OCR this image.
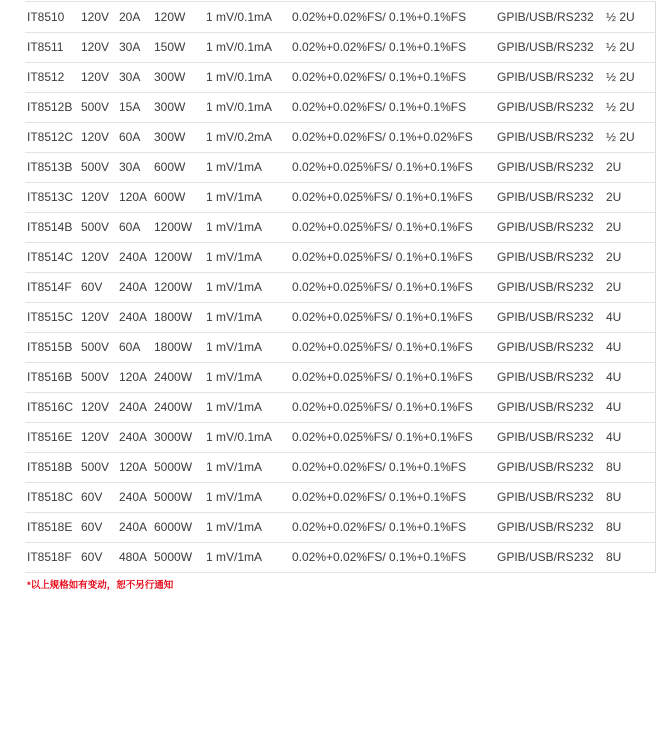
IT8510	120V	20A	120W	1 mV/0.1mA	0.02%+0.02%FS/ 0.1%+0.1%FS	GPIB/USB/RS232	½ 2U
IT8511	120V	30A	150W	1 mV/0.1mA	0.02%+0.02%FS/ 0.1%+0.1%FS	GPIB/USB/RS232	½ 2U
IT8512	120V	30A	300W	1 mV/0.1mA	0.02%+0.02%FS/ 0.1%+0.1%FS	GPIB/USB/RS232	½ 2U
IT8512B	500V	15A	300W	1 mV/0.1mA	0.02%+0.02%FS/ 0.1%+0.1%FS	GPIB/USB/RS232	½ 2U
IT8512C	120V	60A	300W	1 mV/0.2mA	0.02%+0.02%FS/ 0.1%+0.02%FS	GPIB/USB/RS232	½ 2U
IT8513B	500V	30A	600W	1 mV/1mA	0.02%+0.025%FS/ 0.1%+0.1%FS	GPIB/USB/RS232	2U
IT8513C	120V	120A	600W	1 mV/1mA	0.02%+0.025%FS/ 0.1%+0.1%FS	GPIB/USB/RS232	2U
IT8514B	500V	60A	1200W	1 mV/1mA	0.02%+0.025%FS/ 0.1%+0.1%FS	GPIB/USB/RS232	2U
IT8514C	120V	240A	1200W	1 mV/1mA	0.02%+0.025%FS/ 0.1%+0.1%FS	GPIB/USB/RS232	2U
IT8514F	60V	240A	1200W	1 mV/1mA	0.02%+0.025%FS/ 0.1%+0.1%FS	GPIB/USB/RS232	2U
IT8515C	120V	240A	1800W	1 mV/1mA	0.02%+0.025%FS/ 0.1%+0.1%FS	GPIB/USB/RS232	4U
IT8515B	500V	60A	1800W	1 mV/1mA	0.02%+0.025%FS/ 0.1%+0.1%FS	GPIB/USB/RS232	4U
IT8516B	500V	120A	2400W	1 mV/1mA	0.02%+0.025%FS/ 0.1%+0.1%FS	GPIB/USB/RS232	4U
IT8516C	120V	240A	2400W	1 mV/1mA	0.02%+0.025%FS/ 0.1%+0.1%FS	GPIB/USB/RS232	4U
IT8516E	120V	240A	3000W	1 mV/0.1mA	0.02%+0.025%FS/ 0.1%+0.1%FS	GPIB/USB/RS232	4U
IT8518B	500V	120A	5000W	1 mV/1mA	0.02%+0.02%FS/ 0.1%+0.1%FS	GPIB/USB/RS232	8U
IT8518C	60V	240A	5000W	1 mV/1mA	0.02%+0.02%FS/ 0.1%+0.1%FS	GPIB/USB/RS232	8U
IT8518E	60V	240A	6000W	1 mV/1mA	0.02%+0.02%FS/ 0.1%+0.1%FS	GPIB/USB/RS232	8U
IT8518F	60V	480A	5000W	1 mV/1mA	0.02%+0.02%FS/ 0.1%+0.1%FS	GPIB/USB/RS232	8U
*以上规格如有变动，恕不另行通知
